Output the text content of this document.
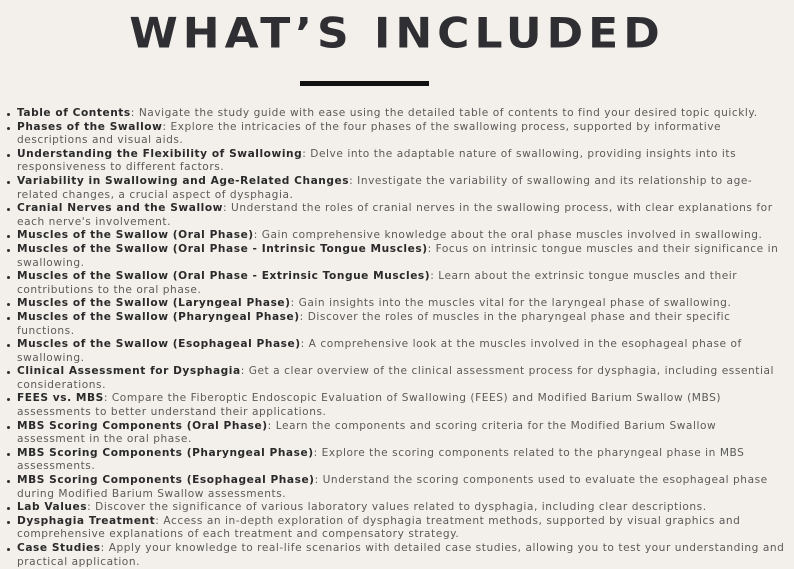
WHAT’S INCLUDED
Table of Contents: Navigate the study guide with ease using the detailed table of contents to find your desired topic quickly.
Phases of the Swallow: Explore the intricacies of the four phases of the swallowing process, supported by informative descriptions and visual aids.
Understanding the Flexibility of Swallowing: Delve into the adaptable nature of swallowing, providing insights into its responsiveness to different factors.
Variability in Swallowing and Age-Related Changes: Investigate the variability of swallowing and its relationship to age-related changes, a crucial aspect of dysphagia.
Cranial Nerves and the Swallow: Understand the roles of cranial nerves in the swallowing process, with clear explanations for each nerve's involvement.
Muscles of the Swallow (Oral Phase): Gain comprehensive knowledge about the oral phase muscles involved in swallowing.
Muscles of the Swallow (Oral Phase - Intrinsic Tongue Muscles): Focus on intrinsic tongue muscles and their significance in swallowing.
Muscles of the Swallow (Oral Phase - Extrinsic Tongue Muscles): Learn about the extrinsic tongue muscles and their contributions to the oral phase.
Muscles of the Swallow (Laryngeal Phase): Gain insights into the muscles vital for the laryngeal phase of swallowing.
Muscles of the Swallow (Pharyngeal Phase): Discover the roles of muscles in the pharyngeal phase and their specific functions.
Muscles of the Swallow (Esophageal Phase): A comprehensive look at the muscles involved in the esophageal phase of swallowing.
Clinical Assessment for Dysphagia: Get a clear overview of the clinical assessment process for dysphagia, including essential considerations.
FEES vs. MBS: Compare the Fiberoptic Endoscopic Evaluation of Swallowing (FEES) and Modified Barium Swallow (MBS) assessments to better understand their applications.
MBS Scoring Components (Oral Phase): Learn the components and scoring criteria for the Modified Barium Swallow assessment in the oral phase.
MBS Scoring Components (Pharyngeal Phase): Explore the scoring components related to the pharyngeal phase in MBS assessments.
MBS Scoring Components (Esophageal Phase): Understand the scoring components used to evaluate the esophageal phase during Modified Barium Swallow assessments.
Lab Values: Discover the significance of various laboratory values related to dysphagia, including clear descriptions.
Dysphagia Treatment: Access an in-depth exploration of dysphagia treatment methods, supported by visual graphics and comprehensive explanations of each treatment and compensatory strategy.
Case Studies: Apply your knowledge to real-life scenarios with detailed case studies, allowing you to test your understanding and practical application.
